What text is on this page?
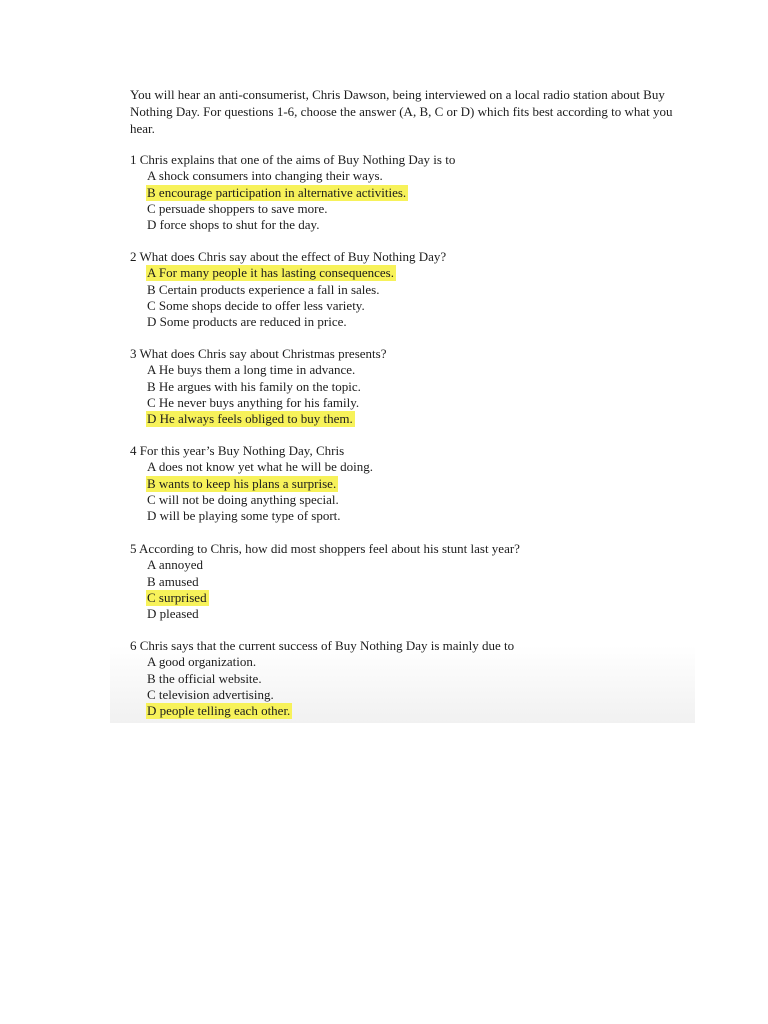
You will hear an anti-consumerist, Chris Dawson, being interviewed on a local radio station about Buy Nothing Day. For questions 1-6, choose the answer (A, B, C or D) which fits best according to what you hear.

1 Chris explains that one of the aims of Buy Nothing Day is to
A shock consumers into changing their ways.
B encourage participation in alternative activities.
C persuade shoppers to save more.
D force shops to shut for the day.
2 What does Chris say about the effect of Buy Nothing Day?
A For many people it has lasting consequences.
B Certain products experience a fall in sales.
C Some shops decide to offer less variety.
D Some products are reduced in price.
3 What does Chris say about Christmas presents?
A He buys them a long time in advance.
B He argues with his family on the topic.
C He never buys anything for his family.
D He always feels obliged to buy them.
4 For this year’s Buy Nothing Day, Chris
A does not know yet what he will be doing.
B wants to keep his plans a surprise.
C will not be doing anything special.
D will be playing some type of sport.
5 According to Chris, how did most shoppers feel about his stunt last year?
A annoyed
B amused
C surprised
D pleased
6 Chris says that the current success of Buy Nothing Day is mainly due to
A good organization.
B the official website.
C television advertising.
D people telling each other.
